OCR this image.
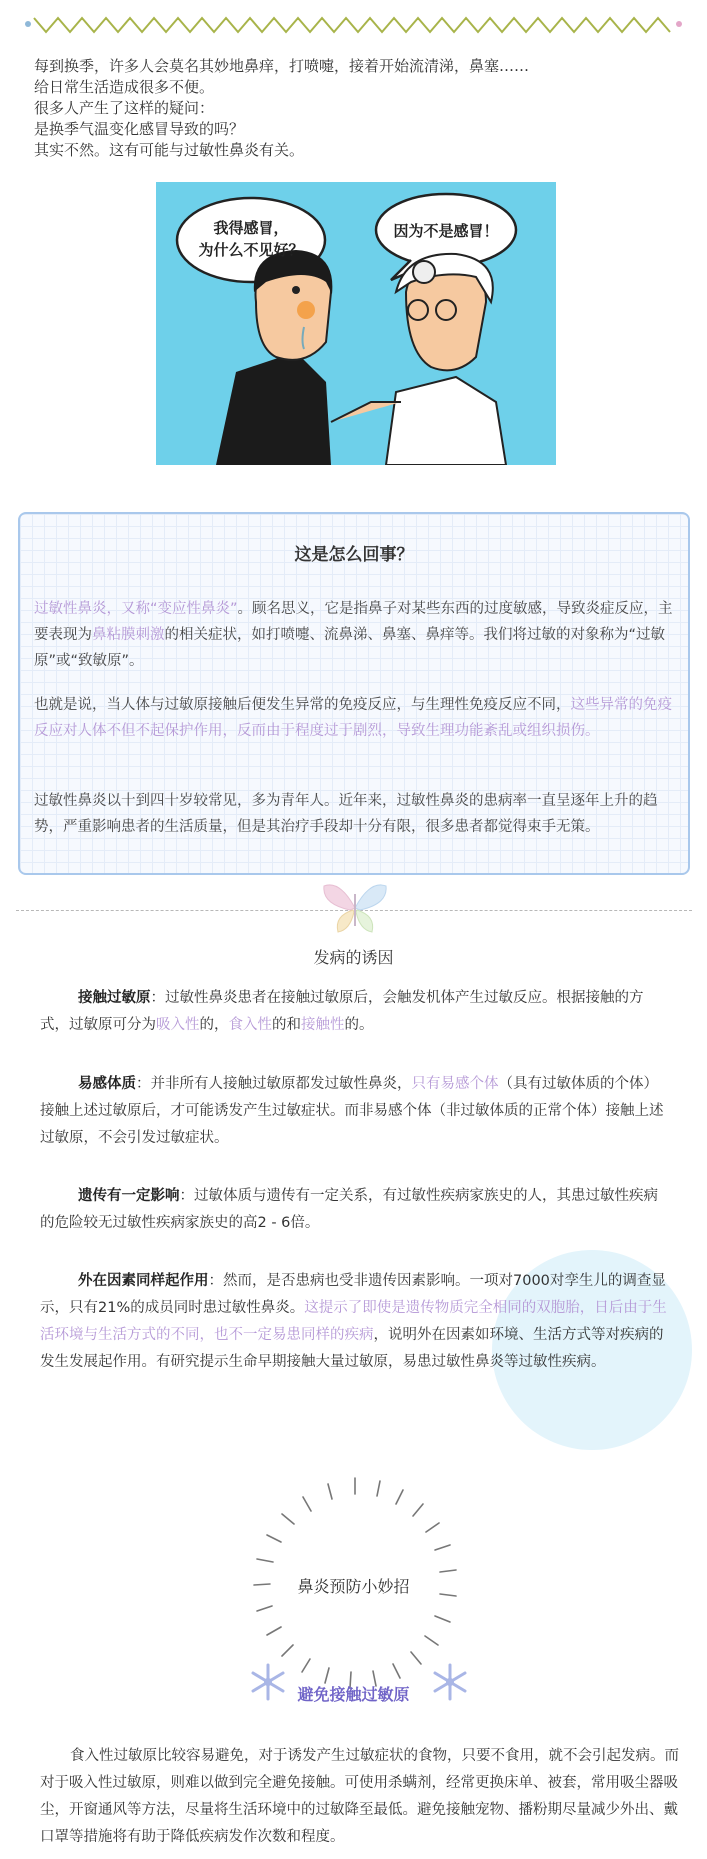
每到换季，许多人会莫名其妙地鼻痒，打喷嚏，接着开始流清涕，鼻塞……
给日常生活造成很多不便。
很多人产生了这样的疑问：
是换季气温变化感冒导致的吗？
其实不然。这有可能与过敏性鼻炎有关。
我得感冒，
为什么不见好？
因为不是感冒！
这是怎么回事？
过敏性鼻炎，又称“变应性鼻炎”。顾名思义，它是指鼻子对某些东西的过度敏感，导致炎症反应，主要表现为鼻粘膜刺激的相关症状，如打喷嚏、流鼻涕、鼻塞、鼻痒等。我们将过敏的对象称为“过敏原”或“致敏原”。
也就是说，当人体与过敏原接触后便发生异常的免疫反应，与生理性免疫反应不同，这些异常的免疫反应对人体不但不起保护作用，反而由于程度过于剧烈，导致生理功能紊乱或组织损伤。
过敏性鼻炎以十到四十岁较常见，多为青年人。近年来，过敏性鼻炎的患病率一直呈逐年上升的趋势，严重影响患者的生活质量，但是其治疗手段却十分有限，很多患者都觉得束手无策。
发病的诱因
接触过敏原：过敏性鼻炎患者在接触过敏原后，会触发机体产生过敏反应。根据接触的方式，过敏原可分为吸入性的，食入性的和接触性的。
易感体质：并非所有人接触过敏原都发过敏性鼻炎，只有易感个体（具有过敏体质的个体）接触上述过敏原后，才可能诱发产生过敏症状。而非易感个体（非过敏体质的正常个体）接触上述过敏原，不会引发过敏症状。
遗传有一定影响：过敏体质与遗传有一定关系，有过敏性疾病家族史的人，其患过敏性疾病的危险较无过敏性疾病家族史的高2 - 6倍。
外在因素同样起作用：然而，是否患病也受非遗传因素影响。一项对7000对孪生儿的调查显示，只有21%的成员同时患过敏性鼻炎。这提示了即使是遗传物质完全相同的双胞胎，日后由于生活环境与生活方式的不同，也不一定易患同样的疾病，说明外在因素如环境、生活方式等对疾病的发生发展起作用。有研究提示生命早期接触大量过敏原，易患过敏性鼻炎等过敏性疾病。
鼻炎预防小妙招
避免接触过敏原
食入性过敏原比较容易避免，对于诱发产生过敏症状的食物，只要不食用，就不会引起发病。而对于吸入性过敏原，则难以做到完全避免接触。可使用杀螨剂，经常更换床单、被套，常用吸尘器吸尘，开窗通风等方法，尽量将生活环境中的过敏降至最低。避免接触宠物、播粉期尽量减少外出、戴口罩等措施将有助于降低疾病发作次数和程度。
